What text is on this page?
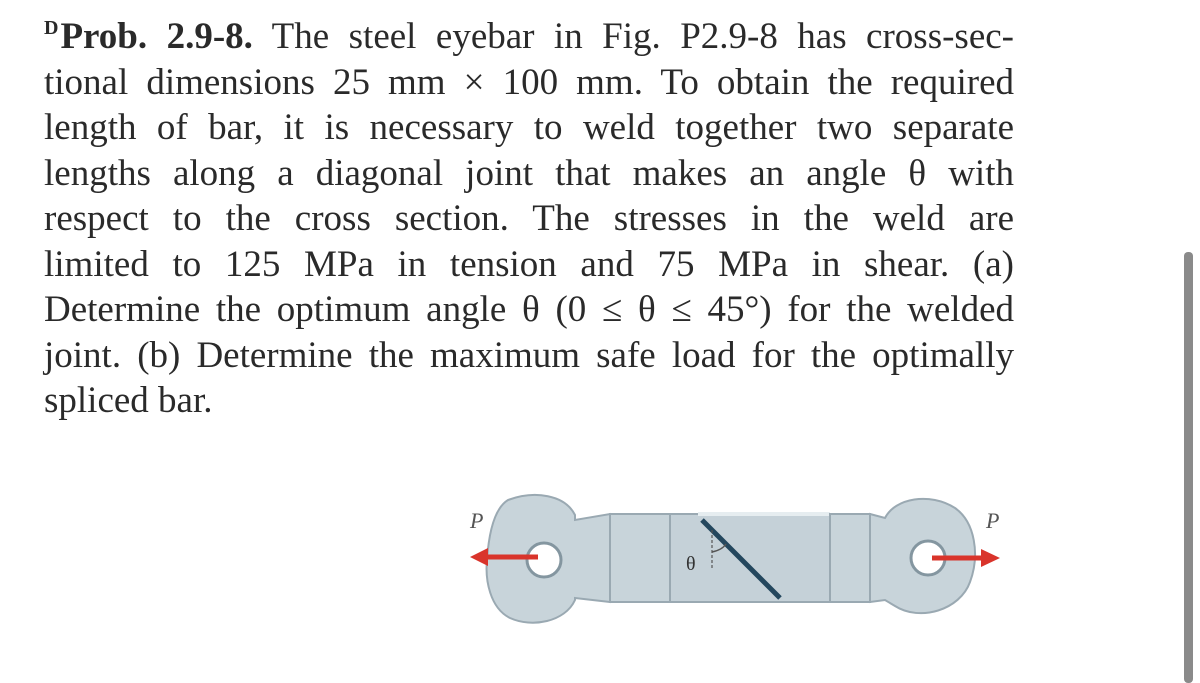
$^D$Prob. 2.9-8. The steel eyebar in Fig. P2.9-8 has cross-sec-
tional dimensions 25 mm × 100 mm. To obtain the required
length of bar, it is necessary to weld together two separate
lengths along a diagonal joint that makes an angle θ with
respect to the cross section. The stresses in the weld are
limited to 125 MPa in tension and 75 MPa in shear. (a)
Determine the optimum angle θ (0 ≤ θ ≤ 45°) for the welded
joint. (b) Determine the maximum safe load for the optimally
spliced bar.
θ
P	P
